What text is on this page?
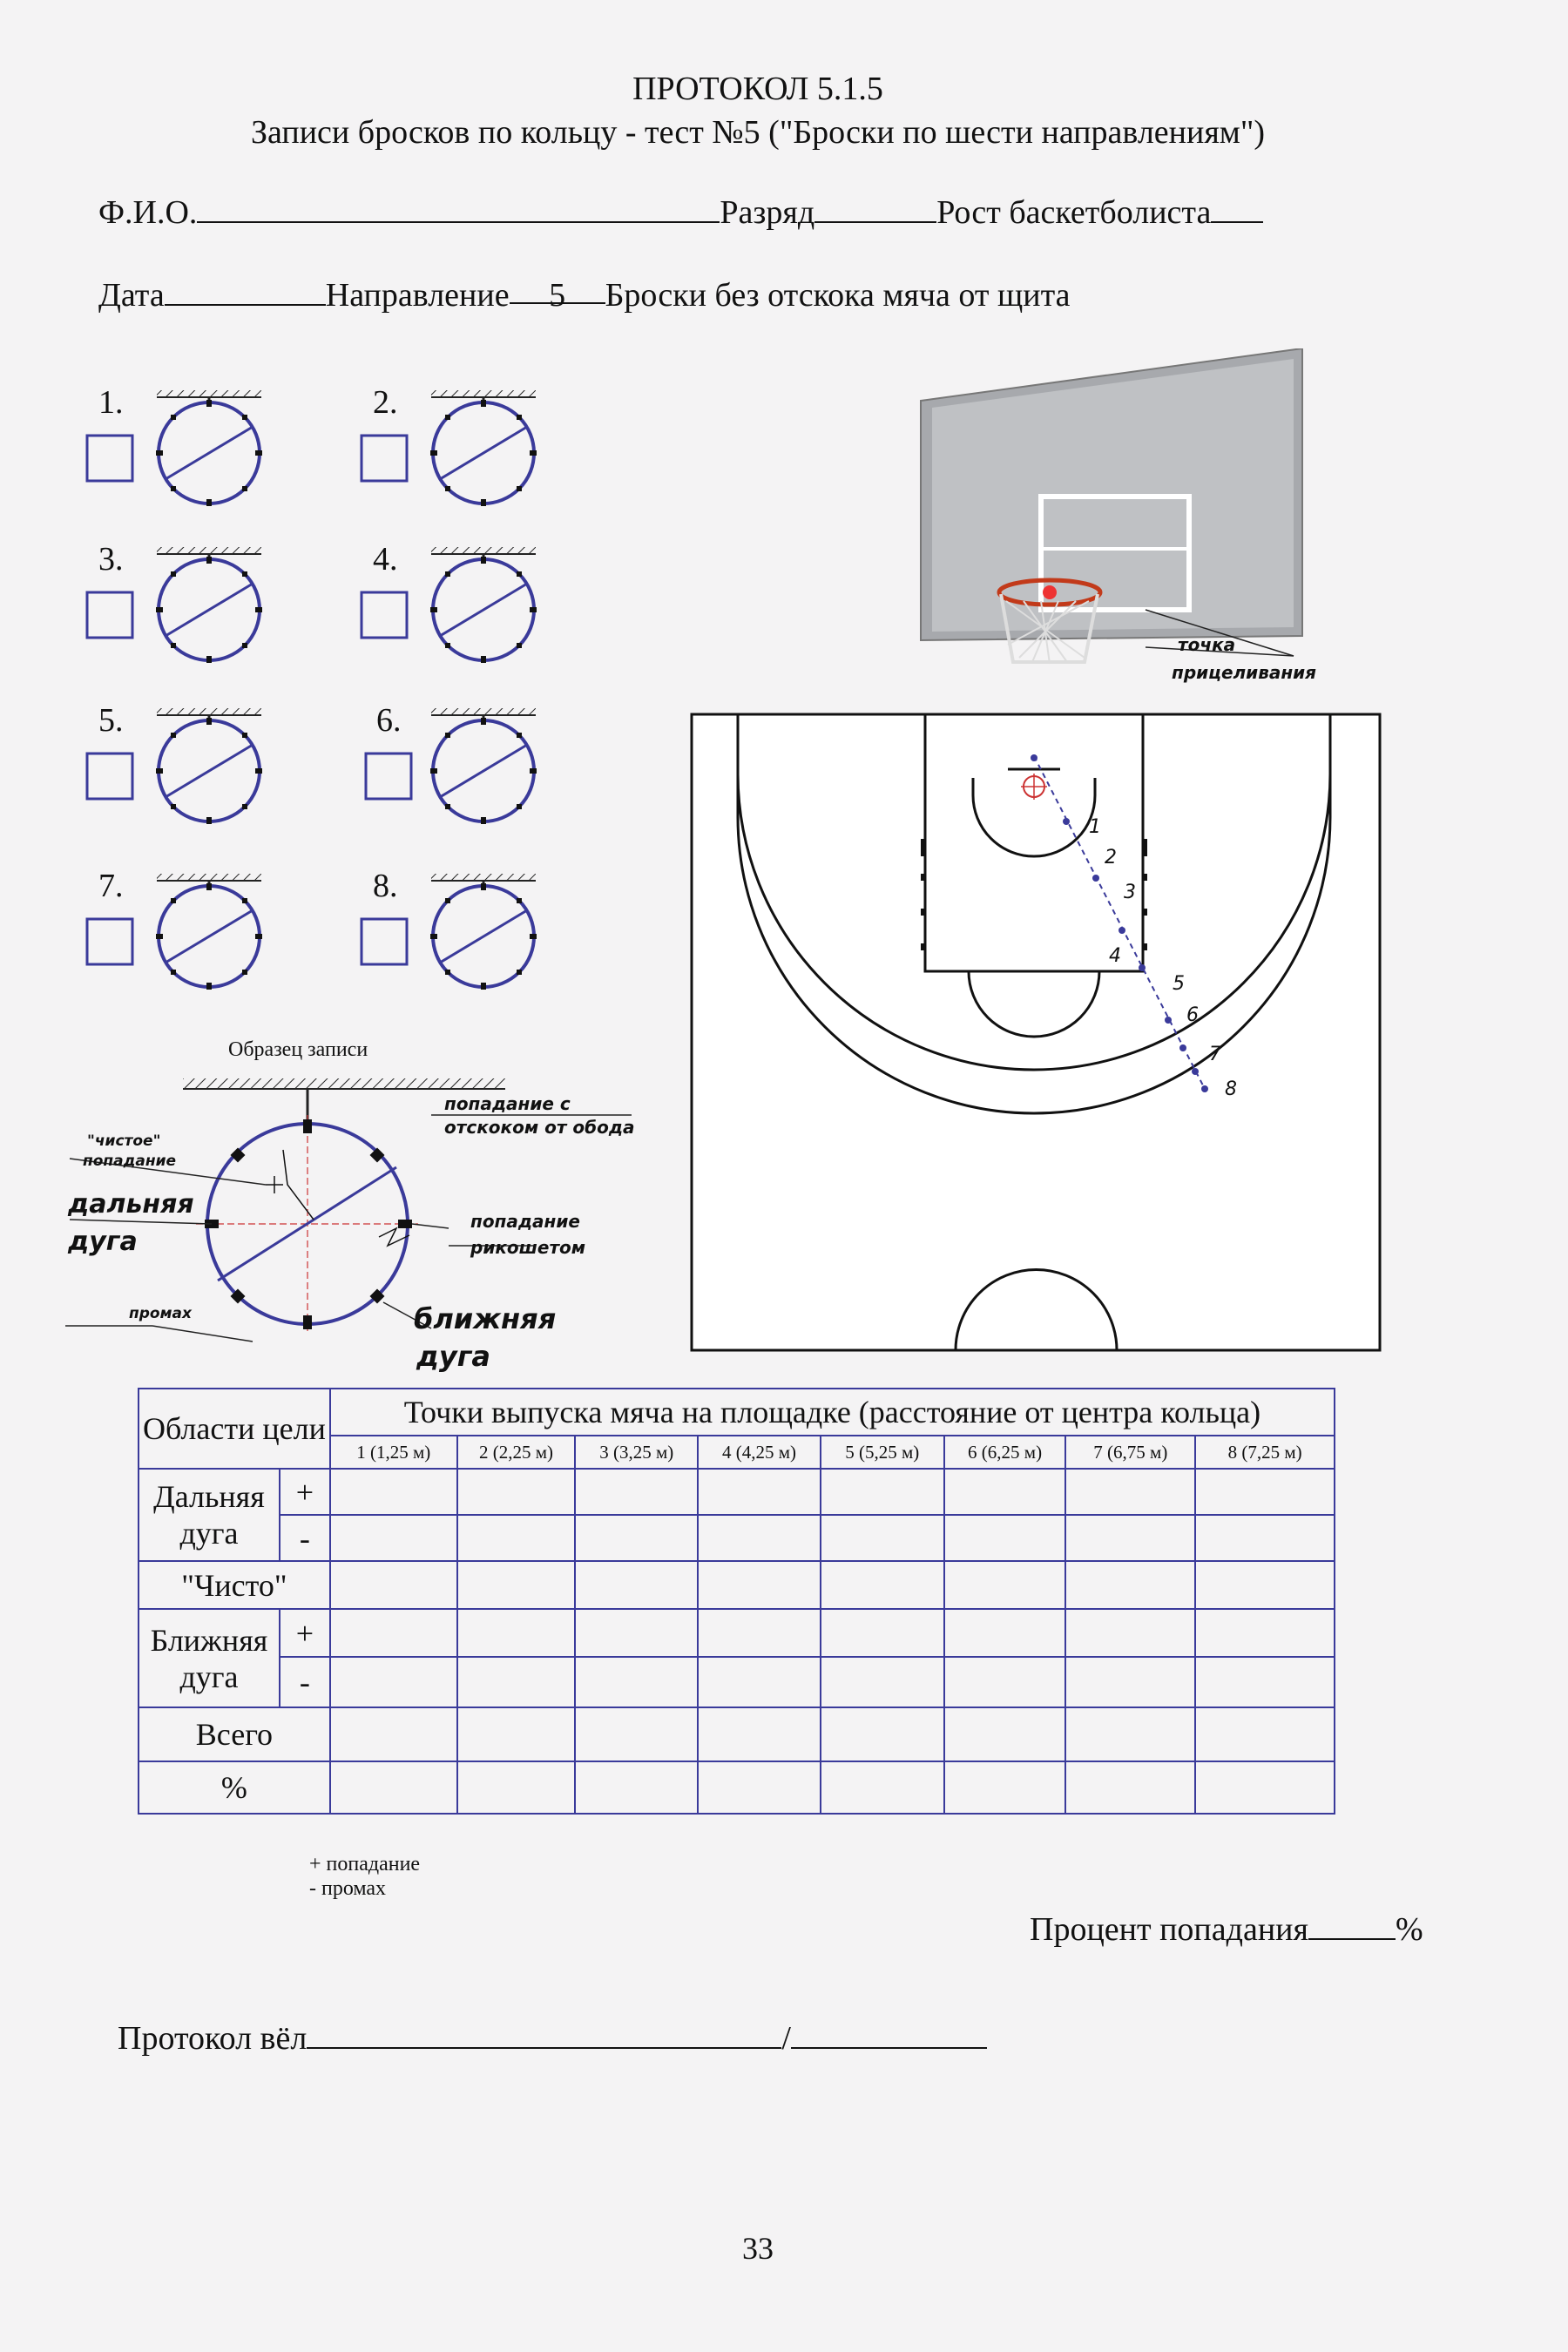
ПРОТОКОЛ 5.1.5
Записи бросков по кольцу - тест №5 ("Броски по шести направлениям")
Ф.И.О.	Разряд	Рост баскетболиста
Дата	Направление 5 Броски без отскока мяча от щита
1.	2.
3.	4.
5.	6.
7.	8.
точка
прицеливания
1
2
3
4
5
6
7
8
Образец записи
попадание с
отскоком от обода
"чистое"
попадание
дальняя
дуга
попадание
рикошетом
промах	ближняя
дуга
Области цели		Точки выпуска мяча на площадке (расстояние от центра кольца)							
		1 (1,25 м)	2 (2,25 м)	3 (3,25 м)	4 (4,25 м)	5 (5,25 м)	6 (6,25 м)	7 (6,75 м)	8 (7,25 м)
Дальняя дуга	+								
	-								
"Чисто"									
Ближняя дуга	+								
	-								
Всего									
%									
+ попадание
- промах
Процент попадания	%
Протокол вёл	/
33
